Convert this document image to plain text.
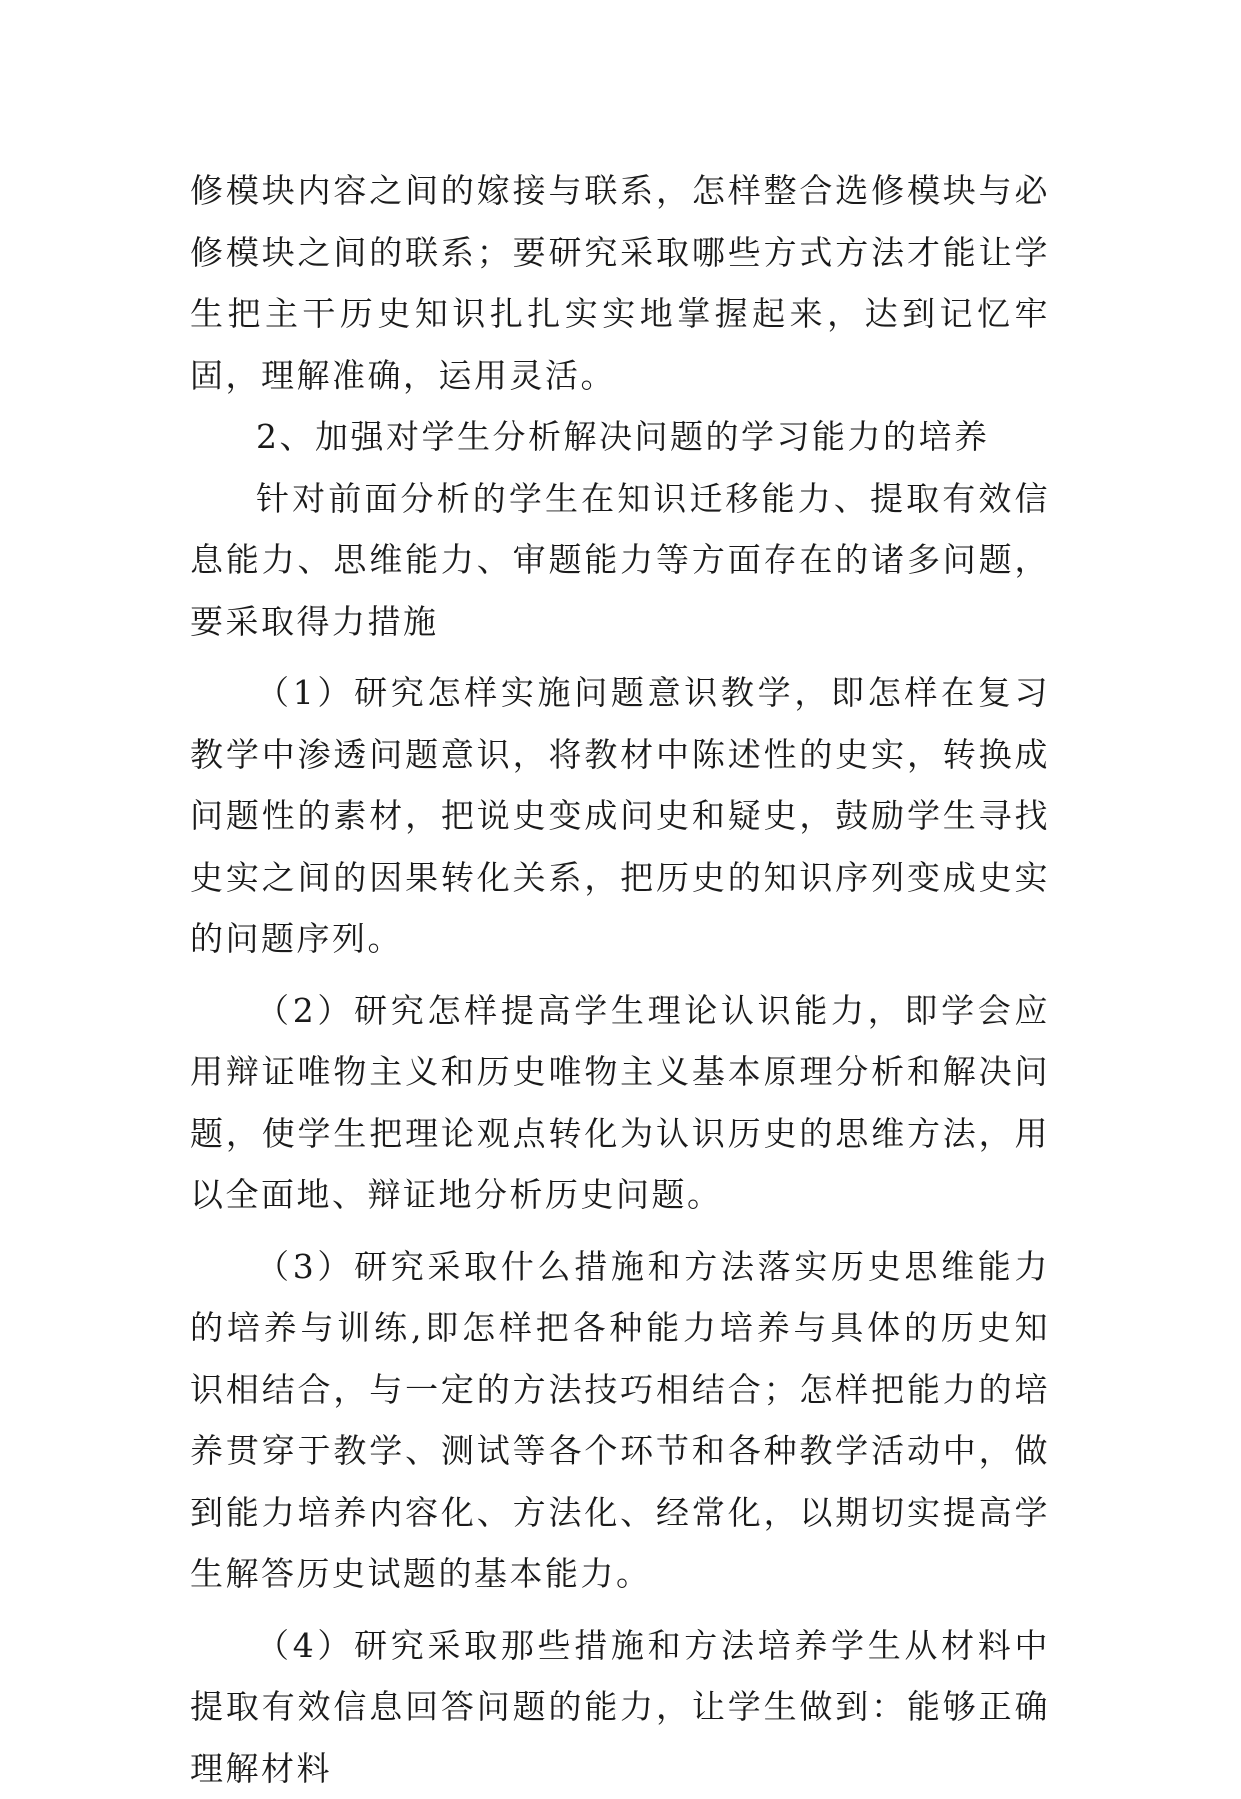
修模块内容之间的嫁接与联系，怎样整合选修模块与必修模块之间的联系；要研究采取哪些方式方法才能让学生把主干历史知识扎扎实实地掌握起来，达到记忆牢固，理解准确，运用灵活。

2、加强对学生分析解决问题的学习能力的培养

针对前面分析的学生在知识迁移能力、提取有效信息能力、思维能力、审题能力等方面存在的诸多问题，要采取得力措施

（1）研究怎样实施问题意识教学，即怎样在复习教学中渗透问题意识，将教材中陈述性的史实，转换成问题性的素材，把说史变成问史和疑史，鼓励学生寻找史实之间的因果转化关系，把历史的知识序列变成史实的问题序列。

（2）研究怎样提高学生理论认识能力，即学会应用辩证唯物主义和历史唯物主义基本原理分析和解决问题，使学生把理论观点转化为认识历史的思维方法，用以全面地、辩证地分析历史问题。

（3）研究采取什么措施和方法落实历史思维能力的培养与训练,即怎样把各种能力培养与具体的历史知识相结合，与一定的方法技巧相结合；怎样把能力的培养贯穿于教学、测试等各个环节和各种教学活动中，做到能力培养内容化、方法化、经常化，以期切实提高学生解答历史试题的基本能力。

（4）研究采取那些措施和方法培养学生从材料中提取有效信息回答问题的能力，让学生做到：能够正确理解材料
